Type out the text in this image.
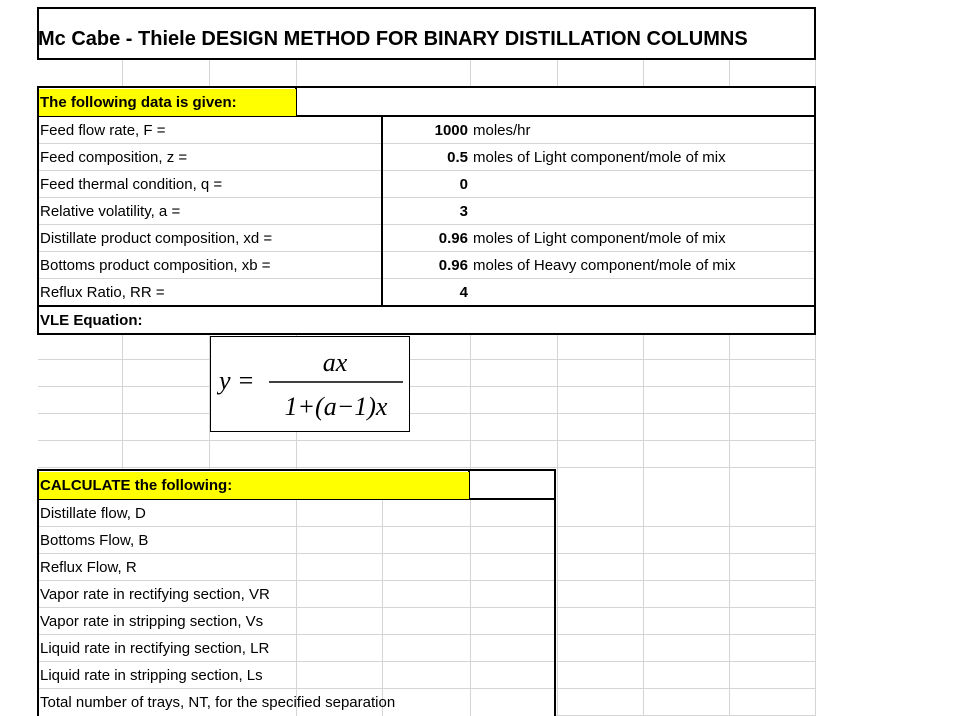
Mc Cabe - Thiele DESIGN METHOD FOR BINARY DISTILLATION COLUMNS
The following data is given:
Feed flow rate, F =	1000 moles/hr
Feed composition, z =	0.5 moles of Light component/mole of mix
Feed thermal condition, q =	0
Relative volatility, a =	3
Distillate product composition, xd =	0.96 moles of Light component/mole of mix
Bottoms product composition, xb =	0.96 moles of Heavy component/mole of mix
Reflux Ratio, RR =	4
VLE Equation:
y =
ax
1+(a−1)x
CALCULATE the following:
Distillate flow, D
Bottoms Flow, B
Reflux Flow, R
Vapor rate in rectifying section, VR
Vapor rate in stripping section, Vs
Liquid rate in rectifying section, LR
Liquid rate in stripping section, Ls
Total number of trays, NT, for the specified separation
